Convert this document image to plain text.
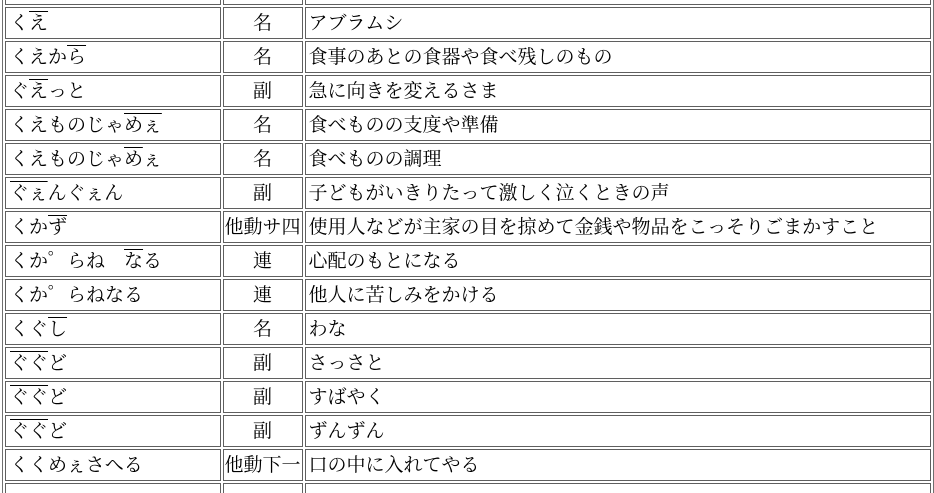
くえ	名	アブラムシ
くえから	名	食事のあとの食器や食べ残しのもの
ぐえっと	副	急に向きを変えるさま
くえものじゃめぇ	名	食べものの支度や準備
くえものじゃめぇ	名	食べものの調理
ぐぇんぐぇん	副	子どもがいきりたって激しく泣くときの声
くかず	他動サ四	使用人などが主家の目を掠めて金銭や物品をこっそりごまかすこと
くか゜らね　なる	連	心配のもとになる
くか゜らねなる	連	他人に苦しみをかける
くぐし	名	わな
ぐぐど	副	さっさと
ぐぐど	副	すばやく
ぐぐど	副	ずんずん
くくめぇさへる	他動下一	口の中に入れてやる
